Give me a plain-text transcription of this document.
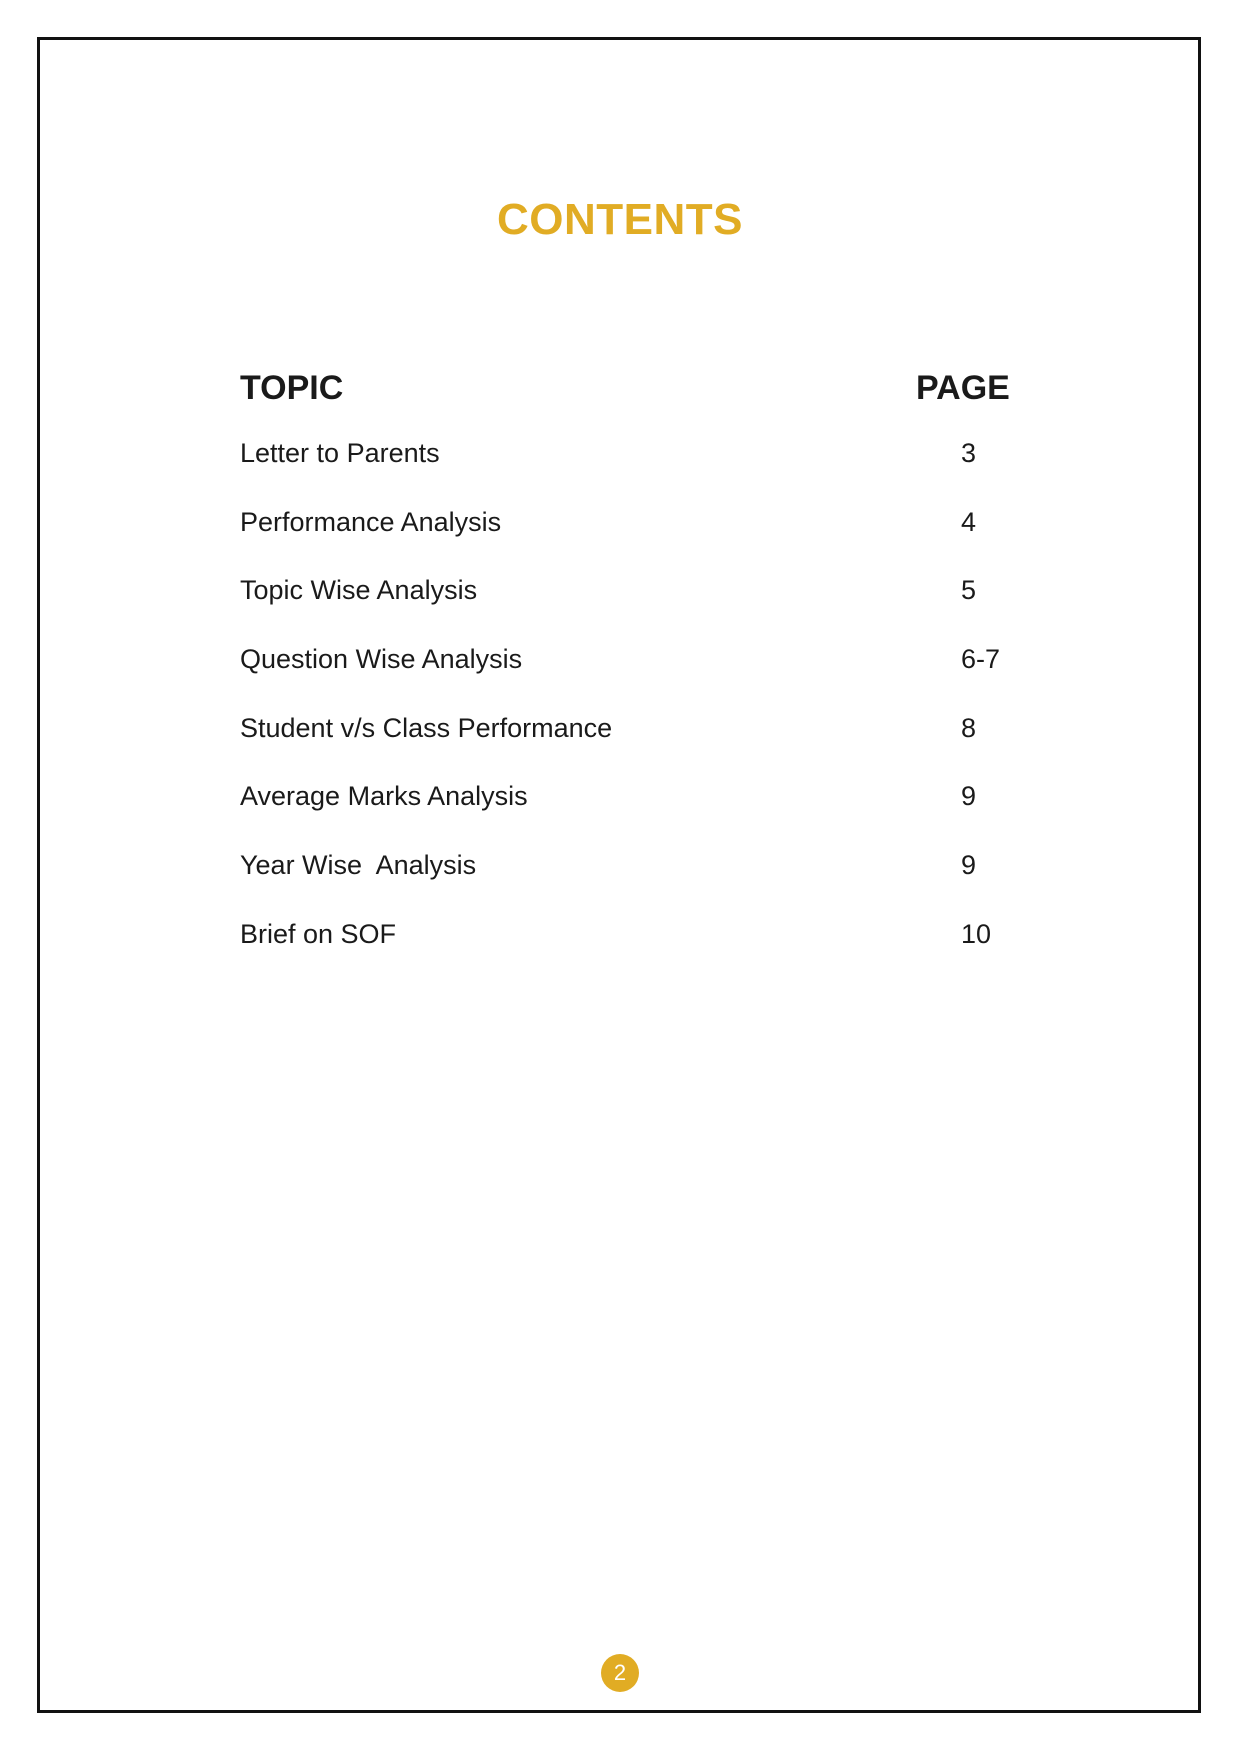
CONTENTS
TOPIC	PAGE
Letter to Parents	3
Performance Analysis	4
Topic Wise Analysis	5
Question Wise Analysis	6-7
Student v/s Class Performance	8
Average Marks Analysis	9
Year Wise  Analysis	9
Brief on SOF	10
2
